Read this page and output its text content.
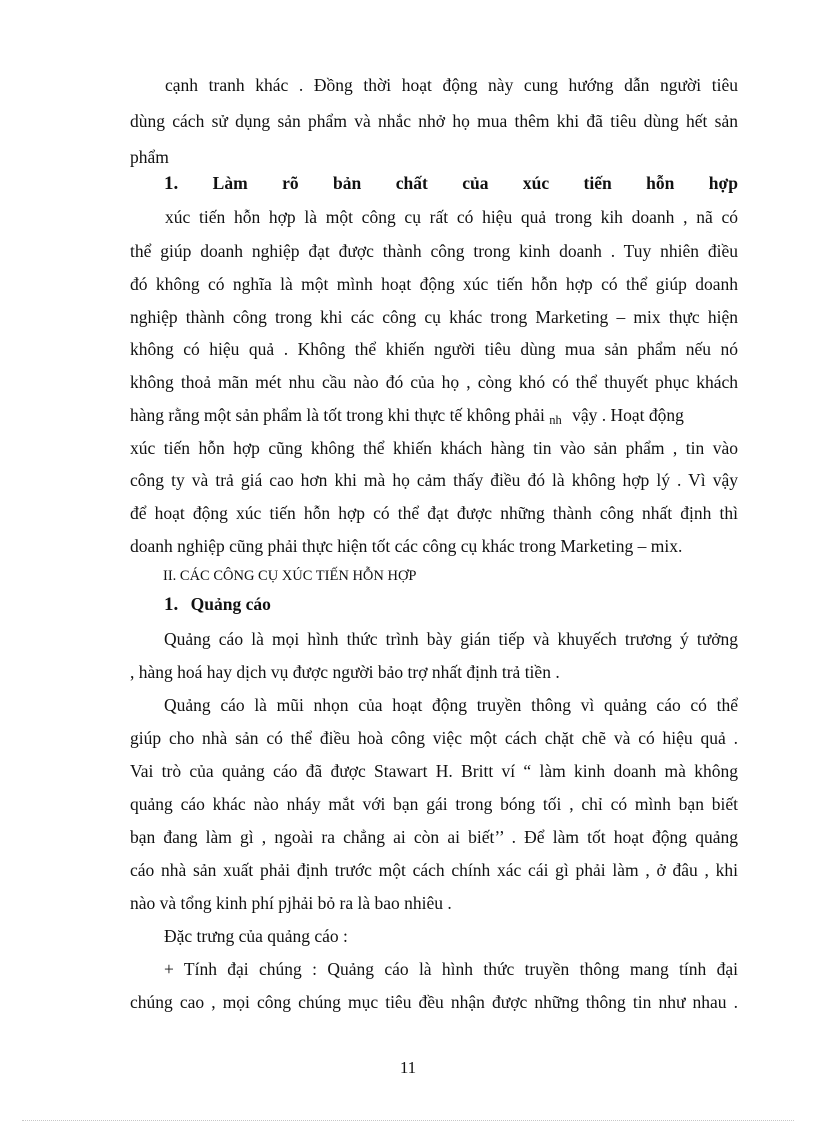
cạnh tranh khác . Đồng thời hoạt động này cung hướng dẫn người tiêu
dùng cách sử dụng sản phẩm và nhắc nhở họ mua thêm khi đã tiêu dùng hết sản
phẩm
1. Làm rõ bản chất của xúc tiến hỗn hợp
xúc tiến hỗn hợp là một công cụ rất có hiệu quả trong kih doanh , nã có
thể giúp doanh nghiệp đạt được thành công trong kinh doanh . Tuy nhiên điều
đó không có nghĩa là một mình hoạt động xúc tiến hỗn hợp có thể giúp doanh
nghiệp thành công trong khi các công cụ khác trong Marketing – mix thực hiện
không có hiệu quả . Không thể khiến người tiêu dùng mua sản phẩm nếu nó
không thoả mãn mét nhu cầu nào đó của họ , còng khó có thể thuyết phục khách
hàng rằng một sản phẩm là tốt trong khi thực tế không phải nh vậy . Hoạt động
xúc tiến hỗn hợp cũng không thể khiến khách hàng tin vào sản phẩm , tin vào
công ty và trả giá cao hơn khi mà họ cảm thấy điều đó là không hợp lý . Vì vậy
để hoạt động xúc tiến hỗn hợp có thể đạt được những thành công nhất định thì
doanh nghiệp cũng phải thực hiện tốt các công cụ khác trong Marketing – mix.
II. CÁC CÔNG CỤ XÚC TIẾN HỖN HỢP
1. Quảng cáo
Quảng cáo là mọi hình thức trình bày gián tiếp và khuyếch trương ý tưởng
, hàng hoá hay dịch vụ được người bảo trợ nhất định trả tiền .
Quảng cáo là mũi nhọn của hoạt động truyền thông vì quảng cáo có thể
giúp cho nhà sản có thể điều hoà công việc một cách chặt chẽ và có hiệu quả .
Vai trò của quảng cáo đã được Stawart H. Britt ví “ làm kinh doanh mà không
quảng cáo khác nào nháy mắt với bạn gái trong bóng tối , chỉ có mình bạn biết
bạn đang làm gì , ngoài ra chẳng ai còn ai biết’’ . Để làm tốt hoạt động quảng
cáo nhà sản xuất phải định trước một cách chính xác cái gì phải làm , ở đâu , khi
nào và tổng kinh phí pjhải bỏ ra là bao nhiêu .
Đặc trưng của quảng cáo :
+ Tính đại chúng : Quảng cáo là hình thức truyền thông mang tính đại
chúng cao , mọi công chúng mục tiêu đều nhận được những thông tin như nhau .
11
